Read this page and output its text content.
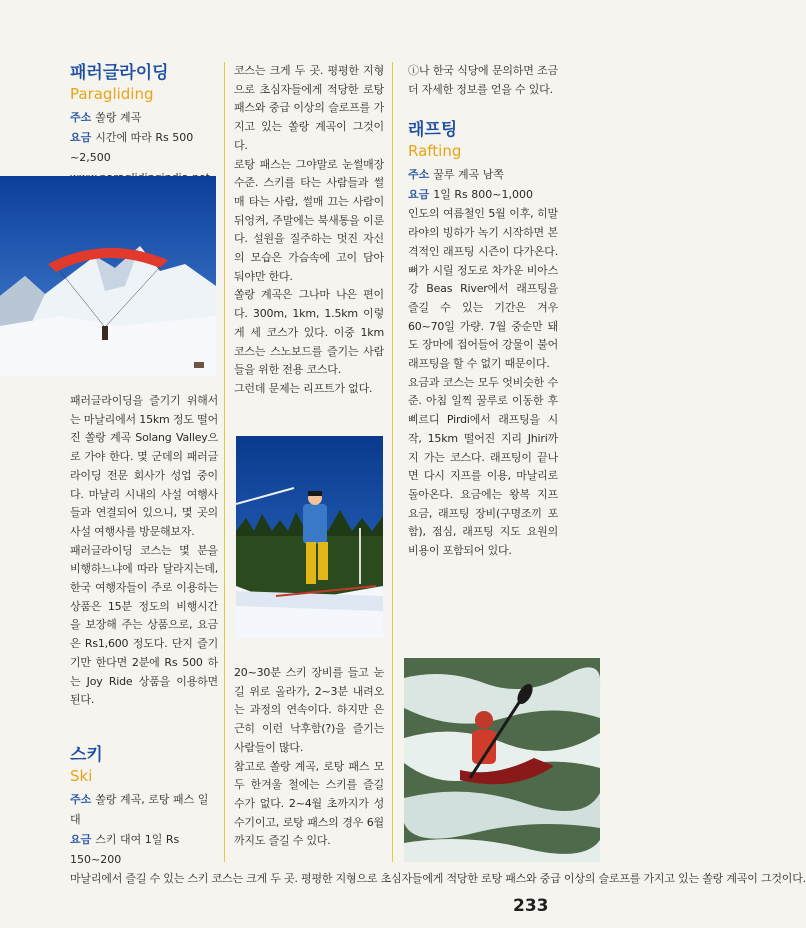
패러글라이딩
Paragliding
주소 쏠랑 계곡
요금 시간에 따라 Rs 500 ~2,500

패러글라이딩을 즐기기 위해서는 마날리에서 15km 정도 떨어진 쏠랑 계곡 Solang Valley으로 가야 한다. 몇 군데의 패러글라이딩 전문 회사가 성업 중이다. 마날리 시내의 사설 여행사들과 연결되어 있으니, 몇 곳의 사설 여행사를 방문해보자.

패러글라이딩 코스는 몇 분을 비행하느냐에 따라 달라지는데, 한국 여행자들이 주로 이용하는 상품은 15분 정도의 비행시간을 보장해 주는 상품으로, 요금은 Rs1,600 정도다. 단지 즐기기만 한다면 2분에 Rs 500 하는 Joy Ride 상품을 이용하면 된다.

스키
Ski
주소 쏠랑 계곡, 로탕 패스 일대
요금 스키 대여 1일 Rs 150~200

마날리에서 즐길 수 있는 스키 코스는 크게 두 곳. 평평한 지형으로 초심자들에게 적당한 로탕 패스와 중급 이상의 슬로프를 가지고 있는 쏠랑 계곡이 그것이다.

코스는 크게 두 곳. 평평한 지형으로 초심자들에게 적당한 로탕 패스와 중급 이상의 슬로프를 가지고 있는 쏠랑 계곡이 그것이다.

로탕 패스는 그야말로 눈썰매장 수준. 스키를 타는 사람들과 썰매 타는 사람, 썰매 끄는 사람이 뒤엉켜, 주말에는 북새통을 이룬다. 설원을 질주하는 멋진 자신의 모습은 가슴속에 고이 담아 둬야만 한다.

쏠랑 계곡은 그나마 나은 편이다. 300m, 1km, 1.5km 이렇게 세 코스가 있다. 이중 1km 코스는 스노보드를 즐기는 사람들을 위한 전용 코스다.

그런데 문제는 리프트가 없다.

20~30분 스키 장비를 들고 눈길 위로 올라가, 2~3분 내려오는 과정의 연속이다. 하지만 은근히 이런 낙후함(?)을 즐기는 사람들이 많다.

참고로 쏠랑 계곡, 로탕 패스 모두 한겨울 철에는 스키를 즐길 수가 없다. 2~4월 초까지가 성수기이고, 로탕 패스의 경우 6월까지도 즐길 수 있다.

ⓘ나 한국 식당에 문의하면 조금 더 자세한 정보를 얻을 수 있다.

래프팅
Rafting
주소 꿀루 계곡 남쪽
요금 1일 Rs 800~1,000

인도의 여름철인 5월 이후, 히말라야의 빙하가 녹기 시작하면 본격적인 래프팅 시즌이 다가온다. 뼈가 시릴 정도로 차가운 비아스 강 Beas River에서 래프팅을 즐길 수 있는 기간은 겨우 60~70일 가량. 7월 중순만 돼도 장마에 접어들어 강물이 불어 래프팅을 할 수 없기 때문이다.

요금과 코스는 모두 엇비슷한 수준. 아침 일찍 꿀루로 이동한 후 삐르디 Pirdi에서 래프팅을 시작, 15km 떨어진 지리 Jhiri까지 가는 코스다. 래프팅이 끝나면 다시 지프를 이용, 마날리로 돌아온다. 요금에는 왕복 지프 요금, 래프팅 장비(구명조끼 포함), 점심, 래프팅 지도 요원의 비용이 포함되어 있다.

233
